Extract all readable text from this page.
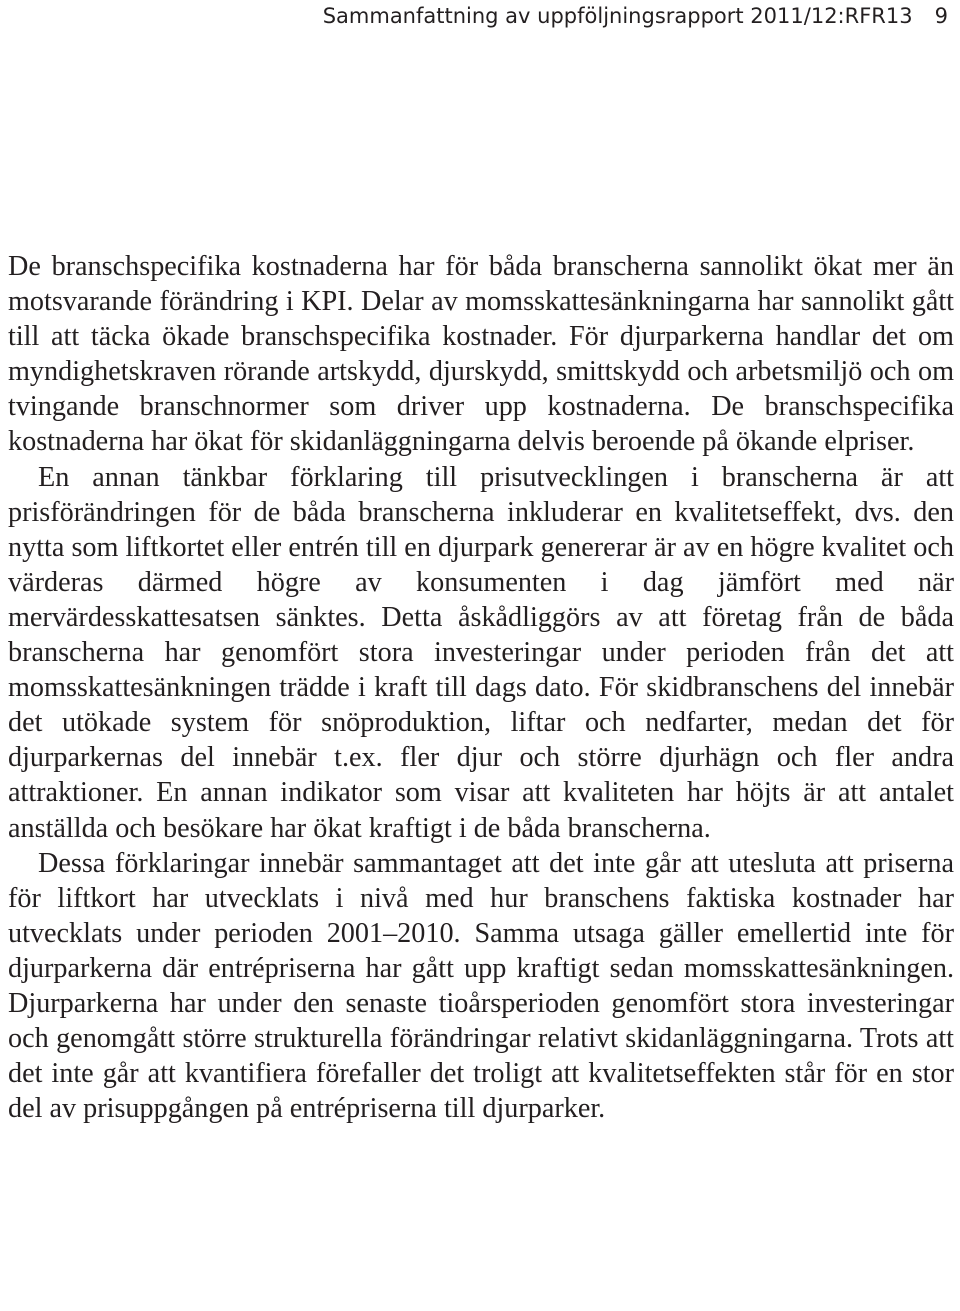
Sammanfattning av uppföljningsrapport 2011/12:RFR13 9

De branschspecifika kostnaderna har för båda branscherna sannolikt ökat mer än motsvarande förändring i KPI. Delar av momsskattesänkningarna har sannolikt gått till att täcka ökade branschspecifika kostnader. För djurparkerna handlar det om myndighetskraven rörande artskydd, djurskydd, smittskydd och arbetsmiljö och om tvingande branschnormer som driver upp kostnaderna. De branschspecifika kostnaderna har ökat för skidanläggningarna delvis beroende på ökande elpriser.

En annan tänkbar förklaring till prisutvecklingen i branscherna är att prisförändringen för de båda branscherna inkluderar en kvalitetseffekt, dvs. den nytta som liftkortet eller entrén till en djurpark genererar är av en högre kvalitet och värderas därmed högre av konsumenten i dag jämfört med när mervärdesskattesatsen sänktes. Detta åskådliggörs av att företag från de båda branscherna har genomfört stora investeringar under perioden från det att momsskattesänkningen trädde i kraft till dags dato. För skidbranschens del innebär det utökade system för snöproduktion, liftar och nedfarter, medan det för djurparkernas del innebär t.ex. fler djur och större djurhägn och fler andra attraktioner. En annan indikator som visar att kvaliteten har höjts är att antalet anställda och besökare har ökat kraftigt i de båda branscherna.

Dessa förklaringar innebär sammantaget att det inte går att utesluta att priserna för liftkort har utvecklats i nivå med hur branschens faktiska kostnader har utvecklats under perioden 2001–2010. Samma utsaga gäller emellertid inte för djurparkerna där entrépriserna har gått upp kraftigt sedan momsskattesänkningen. Djurparkerna har under den senaste tioårsperioden genomfört stora investeringar och genomgått större strukturella förändringar relativt skidanläggningarna. Trots att det inte går att kvantifiera förefaller det troligt att kvalitetseffekten står för en stor del av prisuppgången på entrépriserna till djurparker.
